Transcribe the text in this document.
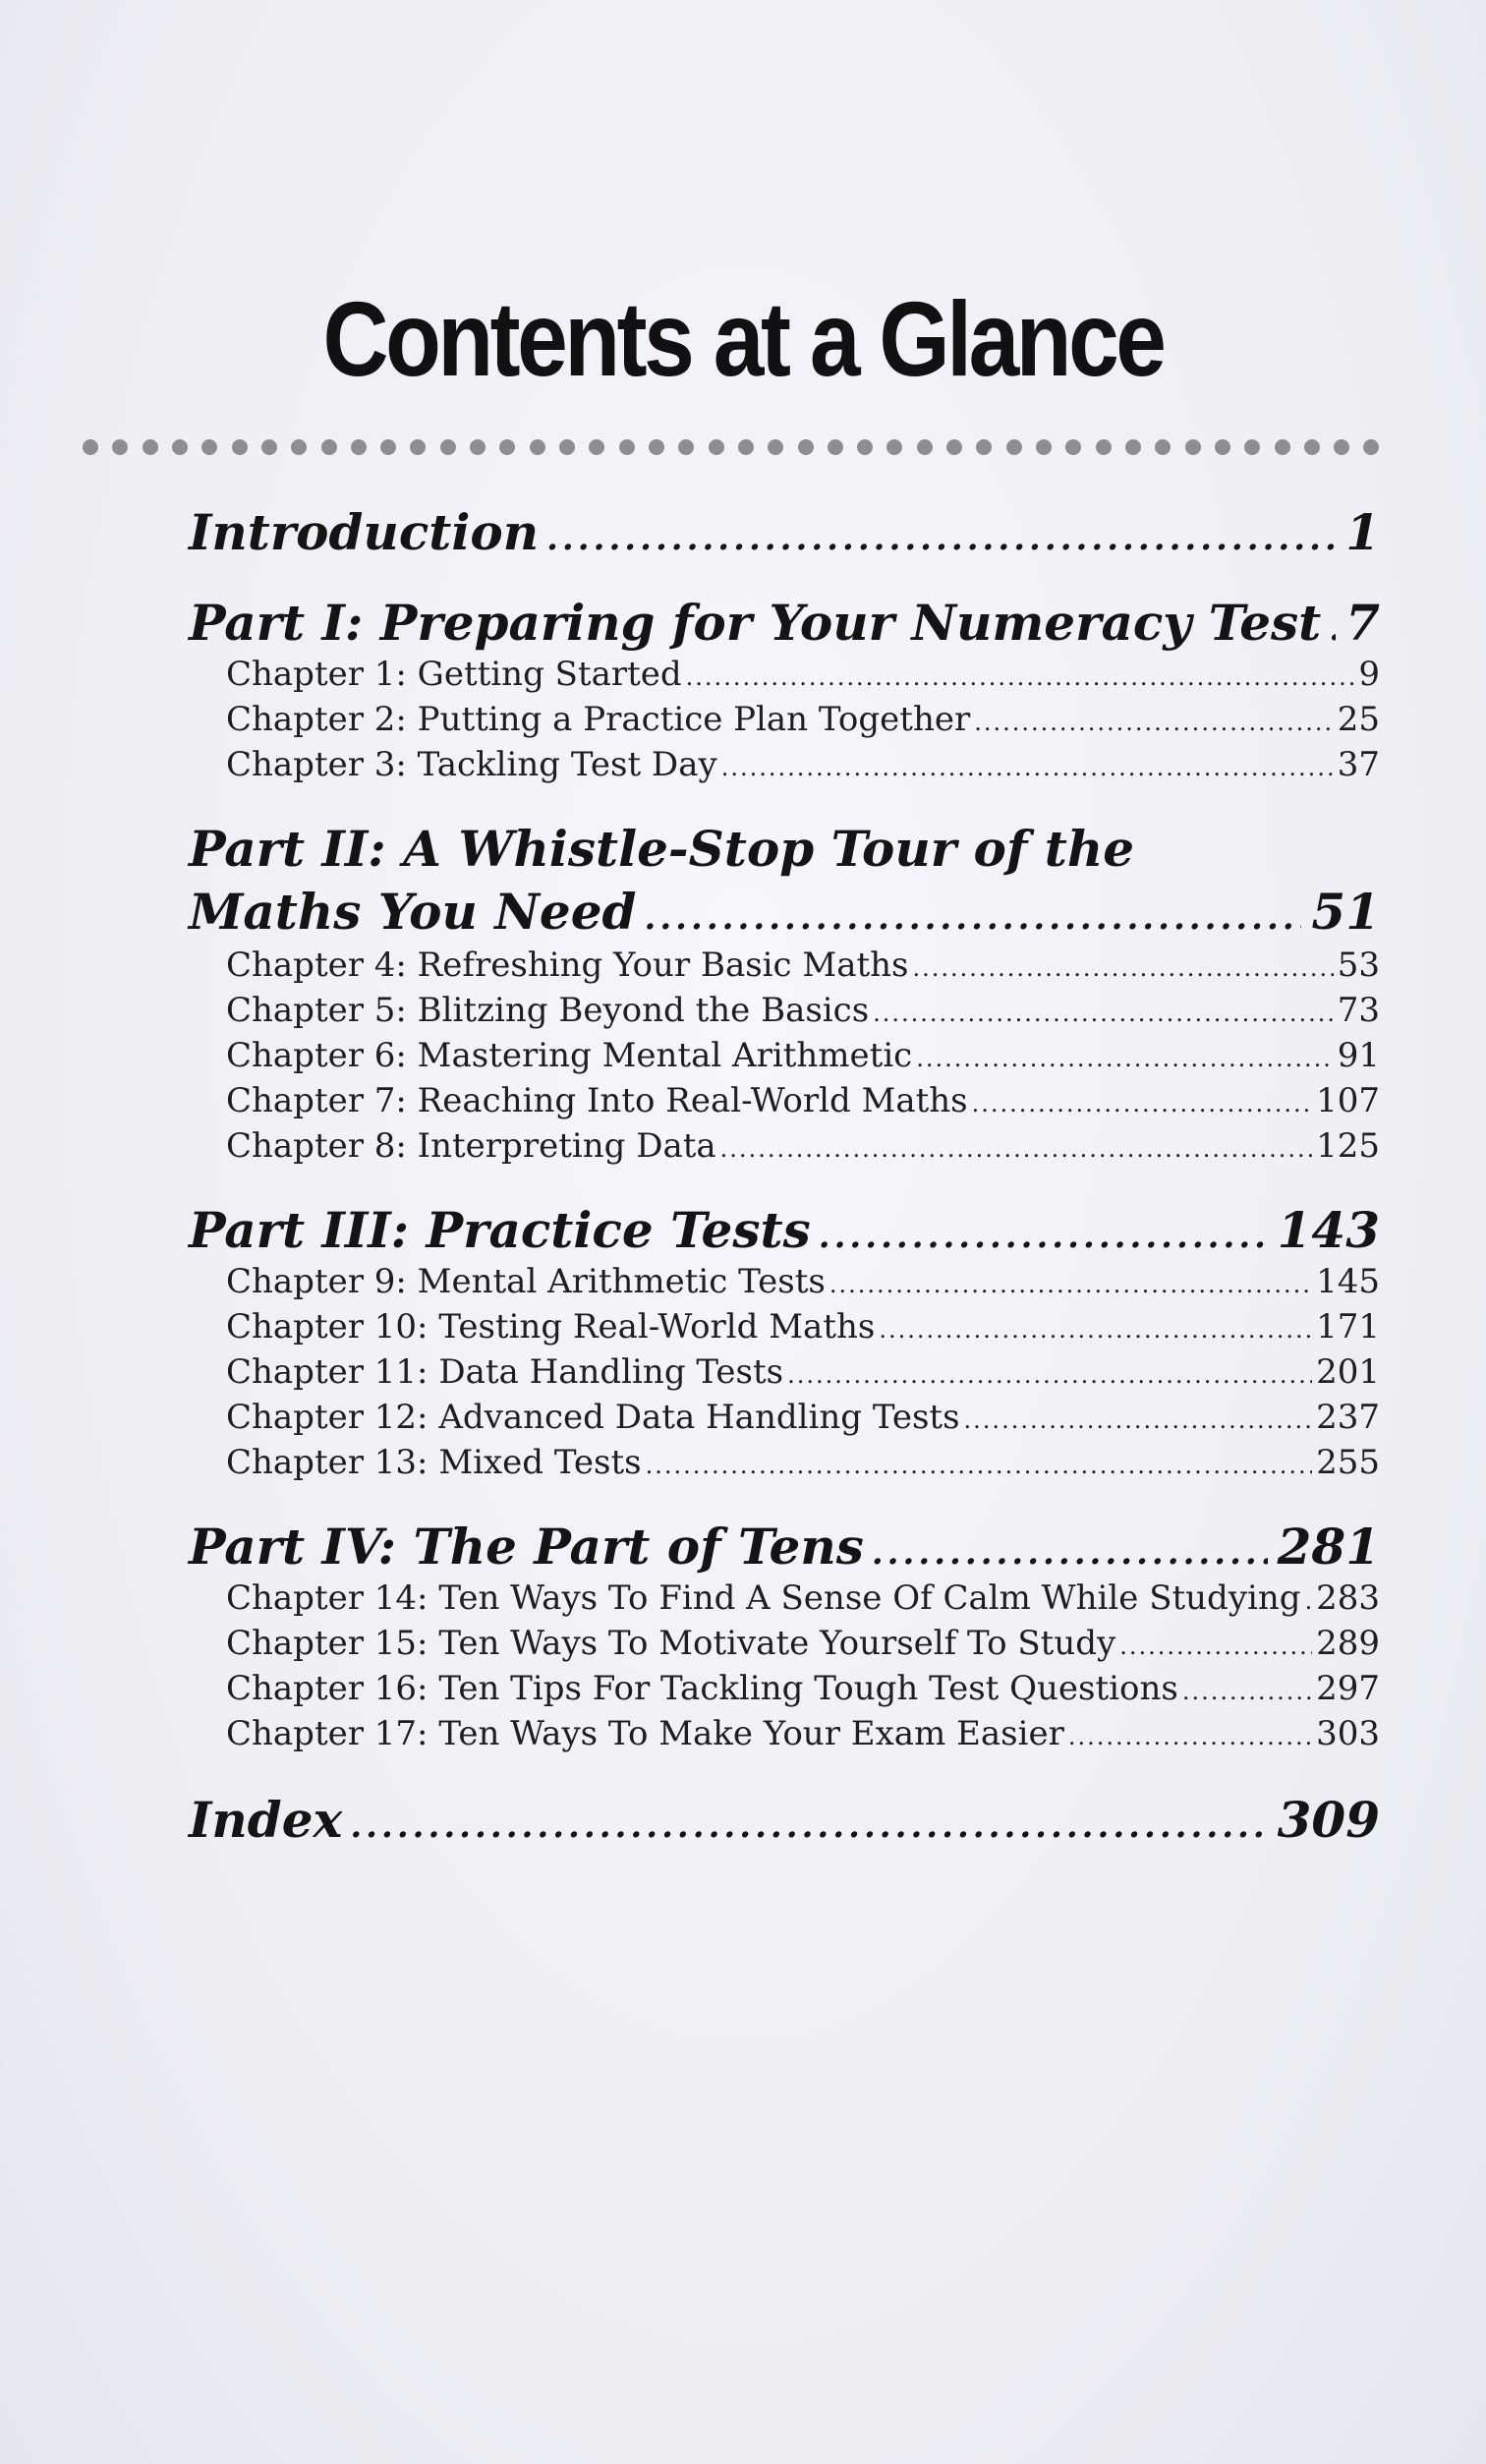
Contents at a Glance
Introduction .....	1
Part I: Preparing for Your Numeracy Test ..... 7
Chapter 1: Getting Started .....	9
Chapter 2: Putting a Practice Plan Together .....	25
Chapter 3: Tackling Test Day .....	37
Part II: A Whistle-Stop Tour of the
Maths You Need .....	51
Chapter 4: Refreshing Your Basic Maths .....	53
Chapter 5: Blitzing Beyond the Basics .....	73
Chapter 6: Mastering Mental Arithmetic .....	91
Chapter 7: Reaching Into Real-World Maths .....	107
Chapter 8: Interpreting Data .....	125
Part III: Practice Tests .....	143
Chapter 9: Mental Arithmetic Tests .....	145
Chapter 10: Testing Real-World Maths .....	171
Chapter 11: Data Handling Tests .....	201
Chapter 12: Advanced Data Handling Tests .....	237
Chapter 13: Mixed Tests .....	255
Part IV: The Part of Tens .....	281
Chapter 14: Ten Ways To Find A Sense Of Calm While Studying ..... 283
Chapter 15: Ten Ways To Motivate Yourself To Study .....	289
Chapter 16: Ten Tips For Tackling Tough Test Questions .....	297
Chapter 17: Ten Ways To Make Your Exam Easier .....	303
Index .....	309
